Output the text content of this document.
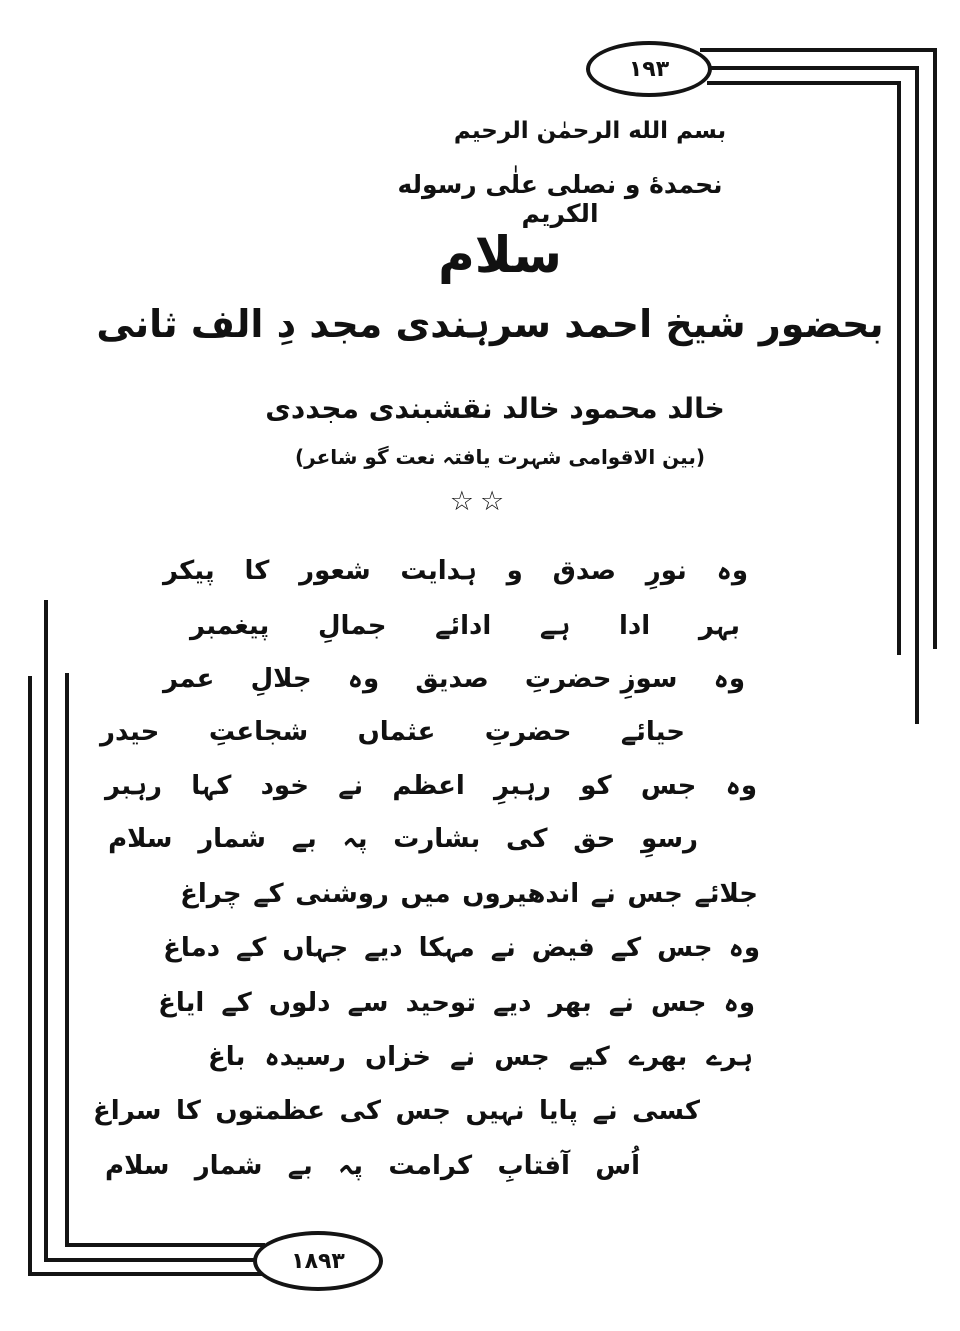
۱۹۳
۱۸۹۳
بسم الله الرحمٰن الرحیم
نحمدهٔ و نصلی علٰی رسوله الکریم
سلام
بحضور شیخ احمد سرہندی مجد دِ الف ثانی
خالد محمود خالد نقشبندی مجددی
(بین الاقوامی شہرت یافتہ نعت گو شاعر)
☆☆
وہ
نورِ
صدق
و
ہدایت
شعور
کا
پیکر
بہر
ادا
ہے
ادائے
جمالِ
پیغمبر
وہ
سوزِ حضرتِ
صدیق
وہ
جلالِ
عمر
حیائے
حضرتِ
عثماں
شجاعتِ
حیدر
وہ
جس
کو
رہبرِ
اعظم
نے
خود
کہا
رہبر
رسوِ
حق
کی
بشارت
پہ
بے
شمار
سلام
جلائے
جس
نے
اندھیروں
میں
روشنی
کے
چراغ
وہ
جس
کے
فیض
نے
مہکا
دیے
جہاں
کے
دماغ
وہ
جس
نے
بھر
دیے
توحید
سے
دلوں
کے
ایاغ
ہرے
بھرے
کیے
جس
نے
خزاں
رسیدہ
باغ
کسی
نے
پایا
نہیں
جس
کی
عظمتوں
کا
سراغ
اُس
آفتابِ
کرامت
پہ
بے
شمار
سلام
